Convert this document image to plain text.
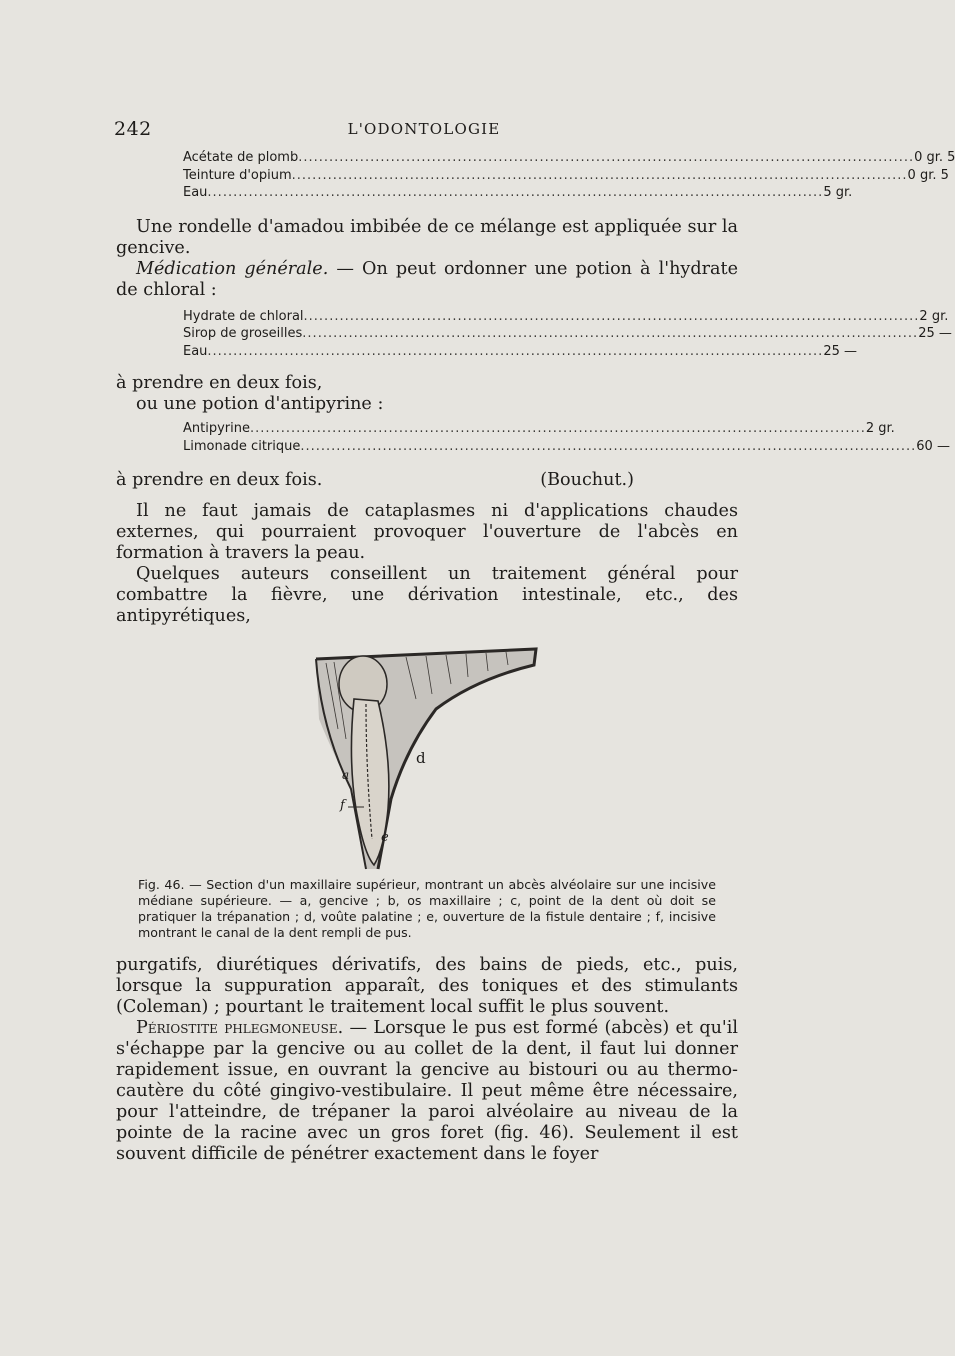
242	L'ODONTOLOGIE
Acétate de plomb ........................................................................................................................ 0 gr. 5
Teinture d'opium ........................................................................................................................ 0 gr. 5
Eau ........................................................................................................................ 5 gr.

Une rondelle d'amadou imbibée de ce mélange est appliquée sur la gencive.

Médication générale. — On peut ordonner une potion à l'hydrate de chloral :

Hydrate de chloral ........................................................................................................................ 2 gr.
Sirop de groseilles ........................................................................................................................ 25 —
Eau ........................................................................................................................ 25 —

à prendre en deux fois,

ou une potion d'antipyrine :

Antipyrine ........................................................................................................................ 2 gr.
Limonade citrique ........................................................................................................................ 60 —
à prendre en deux fois.	(Bouchut.)

Il ne faut jamais de cataplasmes ni d'applications chaudes externes, qui pourraient provoquer l'ouverture de l'abcès en formation à travers la peau.

Quelques auteurs conseillent un traitement général pour combattre la fièvre, une dérivation intestinale, etc., des antipyrétiques,

d
e
f
a

Fig. 46. — Section d'un maxillaire supérieur, montrant un abcès alvéolaire sur une incisive médiane supérieure. — a, gencive ; b, os maxillaire ; c, point de la dent où doit se pratiquer la trépanation ; d, voûte palatine ; e, ouverture de la fistule dentaire ; f, incisive montrant le canal de la dent rempli de pus.

purgatifs, diurétiques dérivatifs, des bains de pieds, etc., puis, lorsque la suppuration apparaît, des toniques et des stimulants (Coleman) ; pourtant le traitement local suffit le plus souvent.

Périostite phlegmoneuse. — Lorsque le pus est formé (abcès) et qu'il s'échappe par la gencive ou au collet de la dent, il faut lui donner rapidement issue, en ouvrant la gencive au bistouri ou au thermo-cautère du côté gingivo-vestibulaire. Il peut même être nécessaire, pour l'atteindre, de trépaner la paroi alvéolaire au niveau de la pointe de la racine avec un gros foret (fig. 46). Seulement il est souvent difficile de pénétrer exactement dans le foyer
